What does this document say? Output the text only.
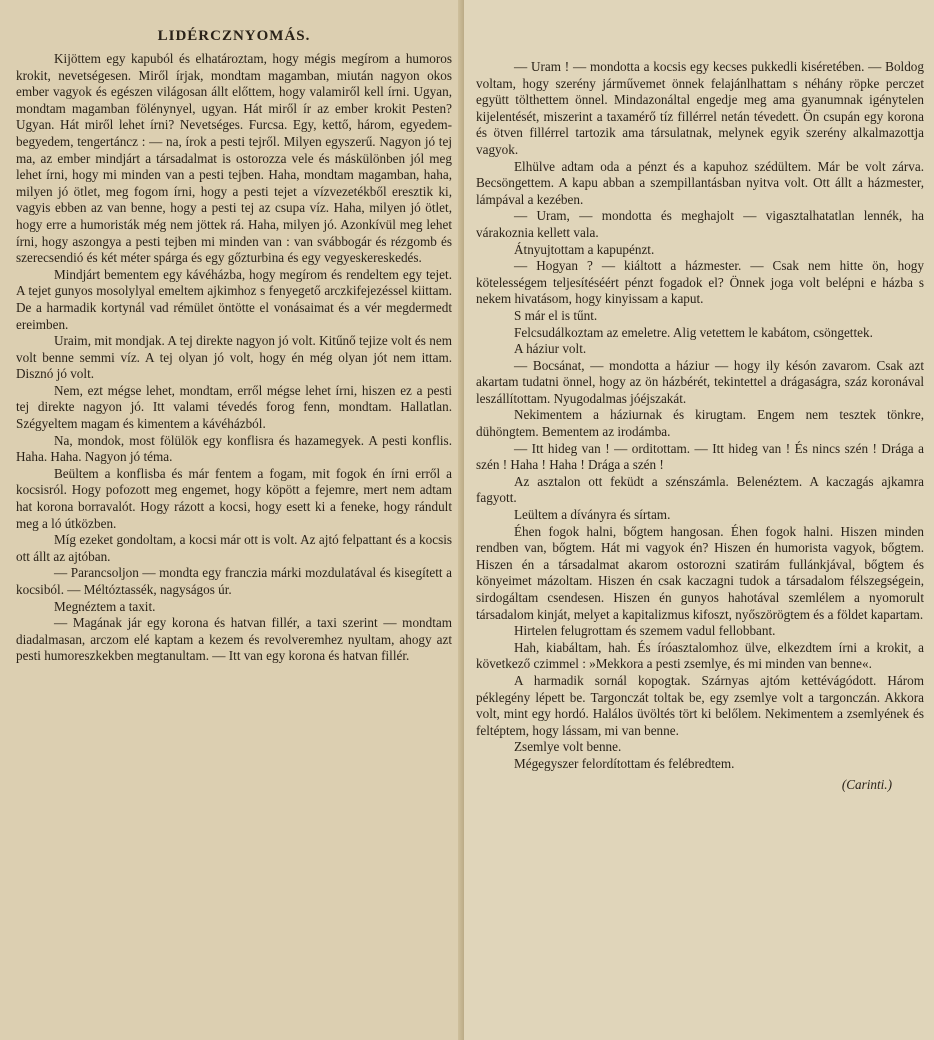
LIDÉRCZNYOMÁS.

Kijöttem egy kapuból és elhatároztam, hogy mégis megírom a humoros krokit, nevetségesen. Miről írjak, mondtam magamban, miután nagyon okos ember vagyok és egészen világosan állt előttem, hogy valamiről kell írni. Ugyan, mondtam magamban fölénynyel, ugyan. Hát miről ír az ember krokit Pesten? Ugyan. Hát miről lehet írni? Nevetséges. Furcsa. Egy, kettő, három, egyedem-begyedem, tengertáncz : — na, írok a pesti tejről. Milyen egyszerű. Nagyon jó tej ma, az ember mindjárt a társadalmat is ostorozza vele és máskülönben jól meg lehet írni, hogy mi minden van a pesti tejben. Haha, mondtam magamban, haha, milyen jó ötlet, meg fogom írni, hogy a pesti tejet a vízvezetékből eresztik ki, vagyis ebben az van benne, hogy a pesti tej az csupa víz. Haha, milyen jó ötlet, hogy erre a humoristák még nem jöttek rá. Haha, milyen jó. Azonkívül meg lehet írni, hogy aszongya a pesti tejben mi minden van : van svábbogár és rézgomb és szerecsendió és két méter spárga és egy gőzturbina és egy vegyeskereskedés.

Mindjárt bementem egy kávéházba, hogy megírom és rendeltem egy tejet. A tejet gunyos mosolylyal emeltem ajkimhoz s fenyegető arczkifejezéssel kiittam. De a harmadik kortynál vad rémület öntötte el vonásaimat és a vér megdermedt ereimben.

Uraim, mit mondjak. A tej direkte nagyon jó volt. Kitűnő tejize volt és nem volt benne semmi víz. A tej olyan jó volt, hogy én még olyan jót nem ittam. Disznó jó volt.

Nem, ezt mégse lehet, mondtam, erről mégse lehet írni, hiszen ez a pesti tej direkte nagyon jó. Itt valami tévedés forog fenn, mondtam. Hallatlan. Szégyeltem magam és kimentem a kávéházból.

Na, mondok, most fölülök egy konflisra és hazamegyek. A pesti konflis. Haha. Haha. Nagyon jó téma.

Beültem a konflisba és már fentem a fogam, mit fogok én írni erről a kocsisról. Hogy pofozott meg engemet, hogy köpött a fejemre, mert nem adtam hat korona borravalót. Hogy rázott a kocsi, hogy esett ki a feneke, hogy rándult meg a ló útközben.

Míg ezeket gondoltam, a kocsi már ott is volt. Az ajtó felpattant és a kocsis ott állt az ajtóban.

— Parancsoljon — mondta egy franczia márki mozdulatával és kisegített a kocsiból. — Méltóztassék, nagyságos úr.

Megnéztem a taxit.

— Magának jár egy korona és hatvan fillér, a taxi szerint — mondtam diadalmasan, arczom elé kaptam a kezem és revolveremhez nyultam, ahogy azt pesti humoreszkekben megtanultam. — Itt van egy korona és hatvan fillér.

— Uram ! — mondotta a kocsis egy kecses pukkedli kiséretében. — Boldog voltam, hogy szerény járművemet önnek felajánlhattam s néhány röpke perczet együtt tölthettem önnel. Mindazonáltal engedje meg ama gyanumnak igénytelen kijelentését, miszerint a taxamérő tíz fillérrel netán tévedett. Ön csupán egy korona és ötven fillérrel tartozik ama társulatnak, melynek egyik szerény alkalmazottja vagyok.

Elhülve adtam oda a pénzt és a kapuhoz szédültem. Már be volt zárva. Becsöngettem. A kapu abban a szempillantásban nyitva volt. Ott állt a házmester, lámpával a kezében.

— Uram, — mondotta és meghajolt — vigasztalhatatlan lennék, ha várakoznia kellett vala.

Átnyujtottam a kapupénzt.

— Hogyan ? — kiáltott a házmester. — Csak nem hitte ön, hogy kötelességem teljesítéséért pénzt fogadok el? Önnek joga volt belépni e házba s nekem hivatásom, hogy kinyissam a kaput.

S már el is tűnt.

Felcsudálkoztam az emeletre. Alig vetettem le kabátom, csöngettek.

A háziur volt.

— Bocsánat, — mondotta a háziur — hogy ily késón zavarom. Csak azt akartam tudatni önnel, hogy az ön házbérét, tekintettel a drágaságra, száz koronával leszállítottam. Nyugodalmas jóéjszakát.

Nekimentem a háziurnak és kirugtam. Engem nem tesztek tönkre, dühöngtem. Bementem az irodámba.

— Itt hideg van ! — orditottam. — Itt hideg van ! És nincs szén ! Drága a szén ! Haha ! Haha ! Drága a szén !

Az asztalon ott feküdt a szénszámla. Belenéztem. A kaczagás ajkamra fagyott.

Leültem a díványra és sírtam.

Éhen fogok halni, bőgtem hangosan. Éhen fogok halni. Hiszen minden rendben van, bőgtem. Hát mi vagyok én? Hiszen én humorista vagyok, bőgtem. Hiszen én a társadalmat akarom ostorozni szatirám fullánkjával, bőgtem és könyeimet mázoltam. Hiszen én csak kaczagni tudok a társadalom félszegségein, sirdogáltam csendesen. Hiszen én gunyos hahotával szemlélem a nyomorult társadalom kinját, melyet a kapitalizmus kifoszt, nyőszörögtem és a földet kapartam.

Hirtelen felugrottam és szemem vadul fellobbant.

Hah, kiabáltam, hah. És íróasztalomhoz ülve, elkezdtem írni a krokit, a következő czimmel : »Mekkora a pesti zsemlye, és mi minden van benne«.

A harmadik sornál kopogtak. Szárnyas ajtóm kettévágódott. Három péklegény lépett be. Targonczát toltak be, egy zsemlye volt a targonczán. Akkora volt, mint egy hordó. Halálos üvöltés tört ki belőlem. Nekimentem a zsemlyének és feltéptem, hogy lássam, mi van benne.

Zsemlye volt benne.

Mégegyszer felordítottam és felébredtem.

(Carinti.)
